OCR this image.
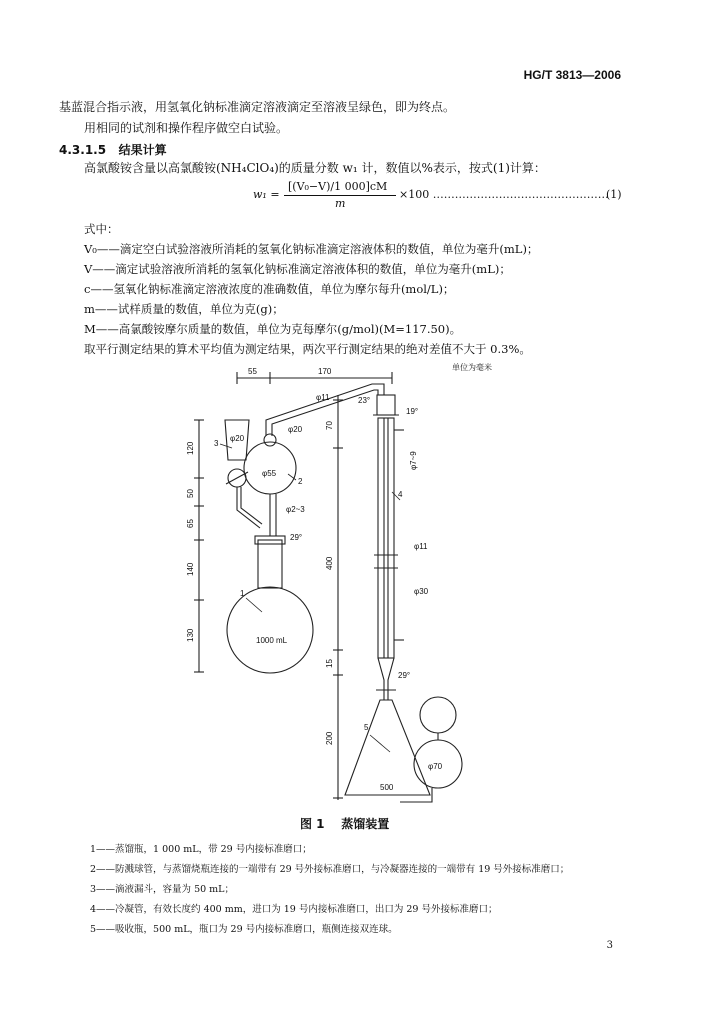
HG/T 3813—2006
基蓝混合指示液，用氢氧化钠标准滴定溶液滴定至溶液呈绿色，即为终点。
用相同的试剂和操作程序做空白试验。
4.3.1.5 结果计算
高氯酸铵含量以高氯酸铵(NH₄ClO₄)的质量分数 w₁ 计，数值以%表示，按式(1)计算：
w₁ =
[(V₀−V)/1 000]cM
m
×100 …………………………………………
(1)
式中：
V₀——滴定空白试验溶液所消耗的氢氧化钠标准滴定溶液体积的数值，单位为毫升(mL)；
V——滴定试验溶液所消耗的氢氧化钠标准滴定溶液体积的数值，单位为毫升(mL)；
c——氢氧化钠标准滴定溶液浓度的准确数值，单位为摩尔每升(mol/L)；
m——试样质量的数值，单位为克(g)；
M——高氯酸铵摩尔质量的数值，单位为克每摩尔(g/mol)(M=117.50)。
取平行测定结果的算术平均值为测定结果，两次平行测定结果的绝对差值不大于 0.3%。
55	170
φ11	23°
19°
φ20
φ20
φ55
φ2~3
29°
120
50
65
140
130
70
400
15
200
φ7~9
φ11
φ30
29°
φ70
1000 mL
500
3
2
1
4
5
单位为毫米
图 1 蒸馏装置
1——蒸馏瓶，1 000 mL，带 29 号内接标准磨口；
2——防溅球管，与蒸馏烧瓶连接的一端带有 29 号外接标准磨口，与冷凝器连接的一端带有 19 号外接标准磨口；
3——滴液漏斗，容量为 50 mL；
4——冷凝管，有效长度约 400 mm，进口为 19 号内接标准磨口，出口为 29 号外接标准磨口；
5——吸收瓶，500 mL，瓶口为 29 号内接标准磨口，瓶侧连接双连球。
3
